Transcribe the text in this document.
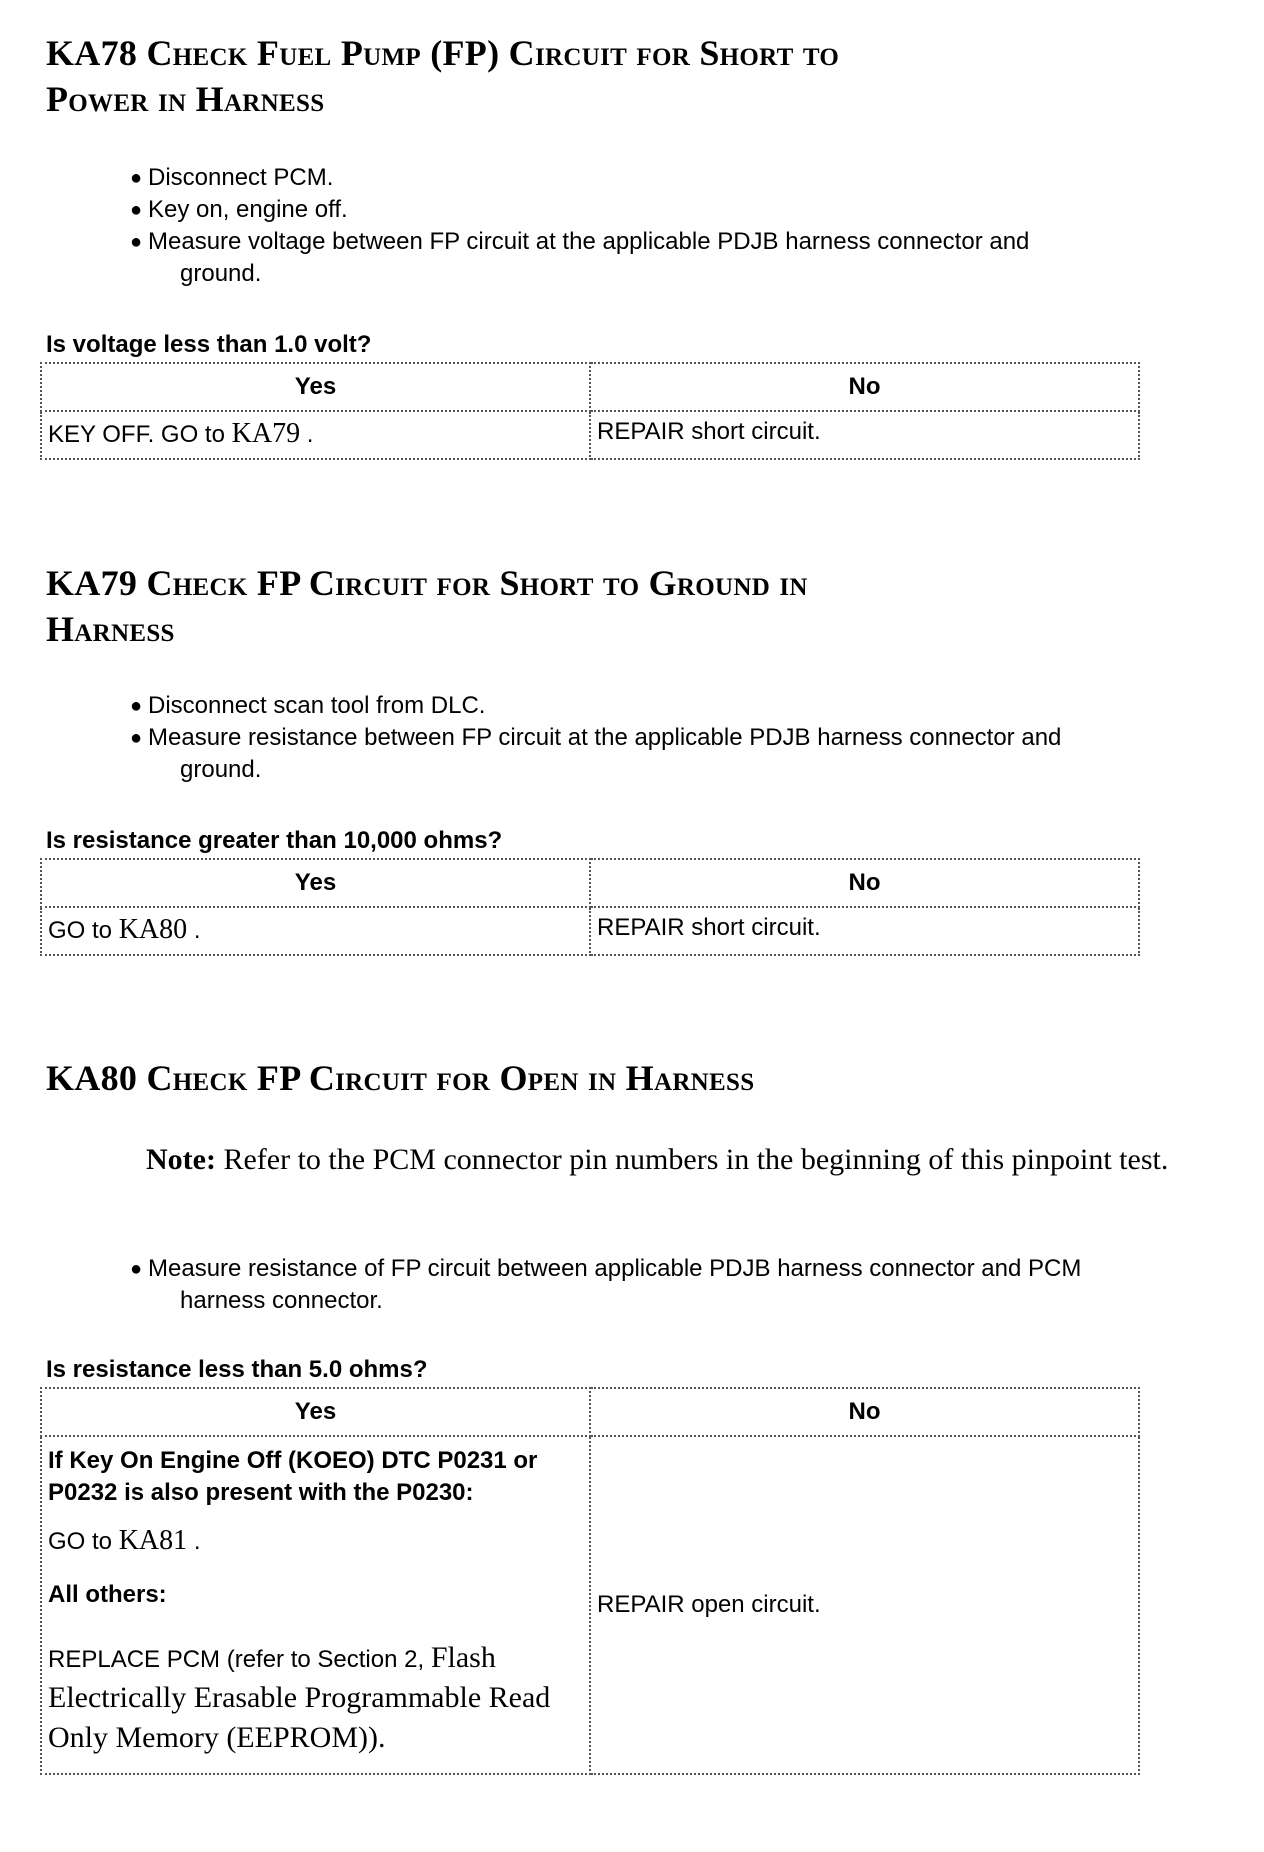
KA78 Check Fuel Pump (FP) Circuit for Short to
Power in Harness
● Disconnect PCM.
● Key on, engine off.
● Measure voltage between FP circuit at the applicable PDJB harness connector and
ground.

Is voltage less than 1.0 volt?

Yes	No
KEY OFF. GO to KA79 .	REPAIR short circuit.
KA79 Check FP Circuit for Short to Ground in
Harness
● Disconnect scan tool from DLC.
● Measure resistance between FP circuit at the applicable PDJB harness connector and
ground.

Is resistance greater than 10,000 ohms?

Yes	No
GO to KA80 .	REPAIR short circuit.
KA80 Check FP Circuit for Open in Harness

Note: Refer to the PCM connector pin numbers in the beginning of this pinpoint test.

● Measure resistance of FP circuit between applicable PDJB harness connector and PCM
harness connector.

Is resistance less than 5.0 ohms?

Yes	No

If Key On Engine Off (KOEO) DTC P0231 or P0232 is also present with the P0230:
GO to KA81 .
All others:
REPLACE PCM (refer to Section 2, Flash Electrically Erasable Programmable Read Only Memory (EEPROM)).	REPAIR open circuit.
